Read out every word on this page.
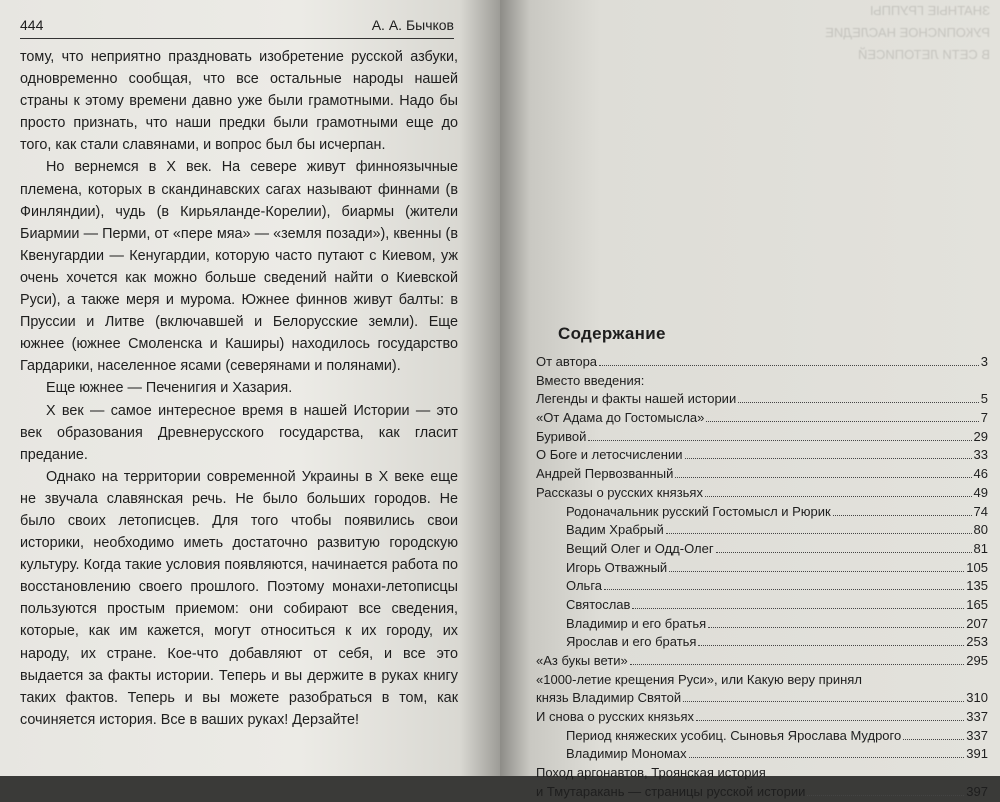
444	А. А. Бычков

тому, что неприятно праздновать изобретение русской азбуки, одновременно сообщая, что все остальные народы нашей страны к этому времени давно уже были грамотными. Надо бы просто признать, что наши предки были грамотными еще до того, как стали славянами, и вопрос был бы исчерпан.

Но вернемся в X век. На севере живут финноязычные племена, которых в скандинавских сагах называют финнами (в Финляндии), чудь (в Кирьяланде-Корелии), биармы (жители Биармии — Перми, от «пере мяа» — «земля позади»), квенны (в Квенугардии — Кенугардии, которую часто путают с Киевом, уж очень хочется как можно больше сведений найти о Киевской Руси), а также меря и мурома. Южнее финнов живут балты: в Пруссии и Литве (включавшей и Белорусские земли). Еще южнее (южнее Смоленска и Каширы) находилось государство Гардарики, населенное ясами (северянами и полянами).

Еще южнее — Печенигия и Хазария.

X век — самое интересное время в нашей Истории — это век образования Древнерусского государства, как гласит предание.

Однако на территории современной Украины в X веке еще не звучала славянская речь. Не было больших городов. Не было своих летописцев. Для того чтобы появились свои историки, необходимо иметь достаточно развитую городскую культуру. Когда такие условия появляются, начинается работа по восстановлению своего прошлого. Поэтому монахи-летописцы пользуются простым приемом: они собирают все сведения, которые, как им кажется, могут относиться к их городу, их народу, их стране. Кое-что добавляют от себя, и все это выдается за факты истории. Теперь и вы держите в руках книгу таких фактов. Теперь и вы можете разобраться в том, как сочиняется история. Все в ваших руках! Дерзайте!

ЗНАТНЫЕ ГРУППЫ
РУКОПИСНОЕ НАСЛЕДИЕ
В СЕТИ ЛЕТОПИСЕЙ
Содержание
От автора	3
Вместо введения:
Легенды и факты нашей истории	5
«От Адама до Гостомысла»	7
Буривой	29
О Боге и летосчислении	33
Андрей Первозванный	46
Рассказы о русских князьях	49
Родоначальник русский Гостомысл и Рюрик	74
Вадим Храбрый	80
Вещий Олег и Одд-Олег	81
Игорь Отважный	105
Ольга	135
Святослав	165
Владимир и его братья	207
Ярослав и его братья	253
«Аз букы вети»	295
«1000-летие крещения Руси», или Какую веру принял
князь Владимир Святой	310
И снова о русских князьях	337
Период княжеских усобиц. Сыновья Ярослава Мудрого	337
Владимир Мономах	391
Поход аргонавтов, Троянская история
и Тмутаракань — страницы русской истории	397
